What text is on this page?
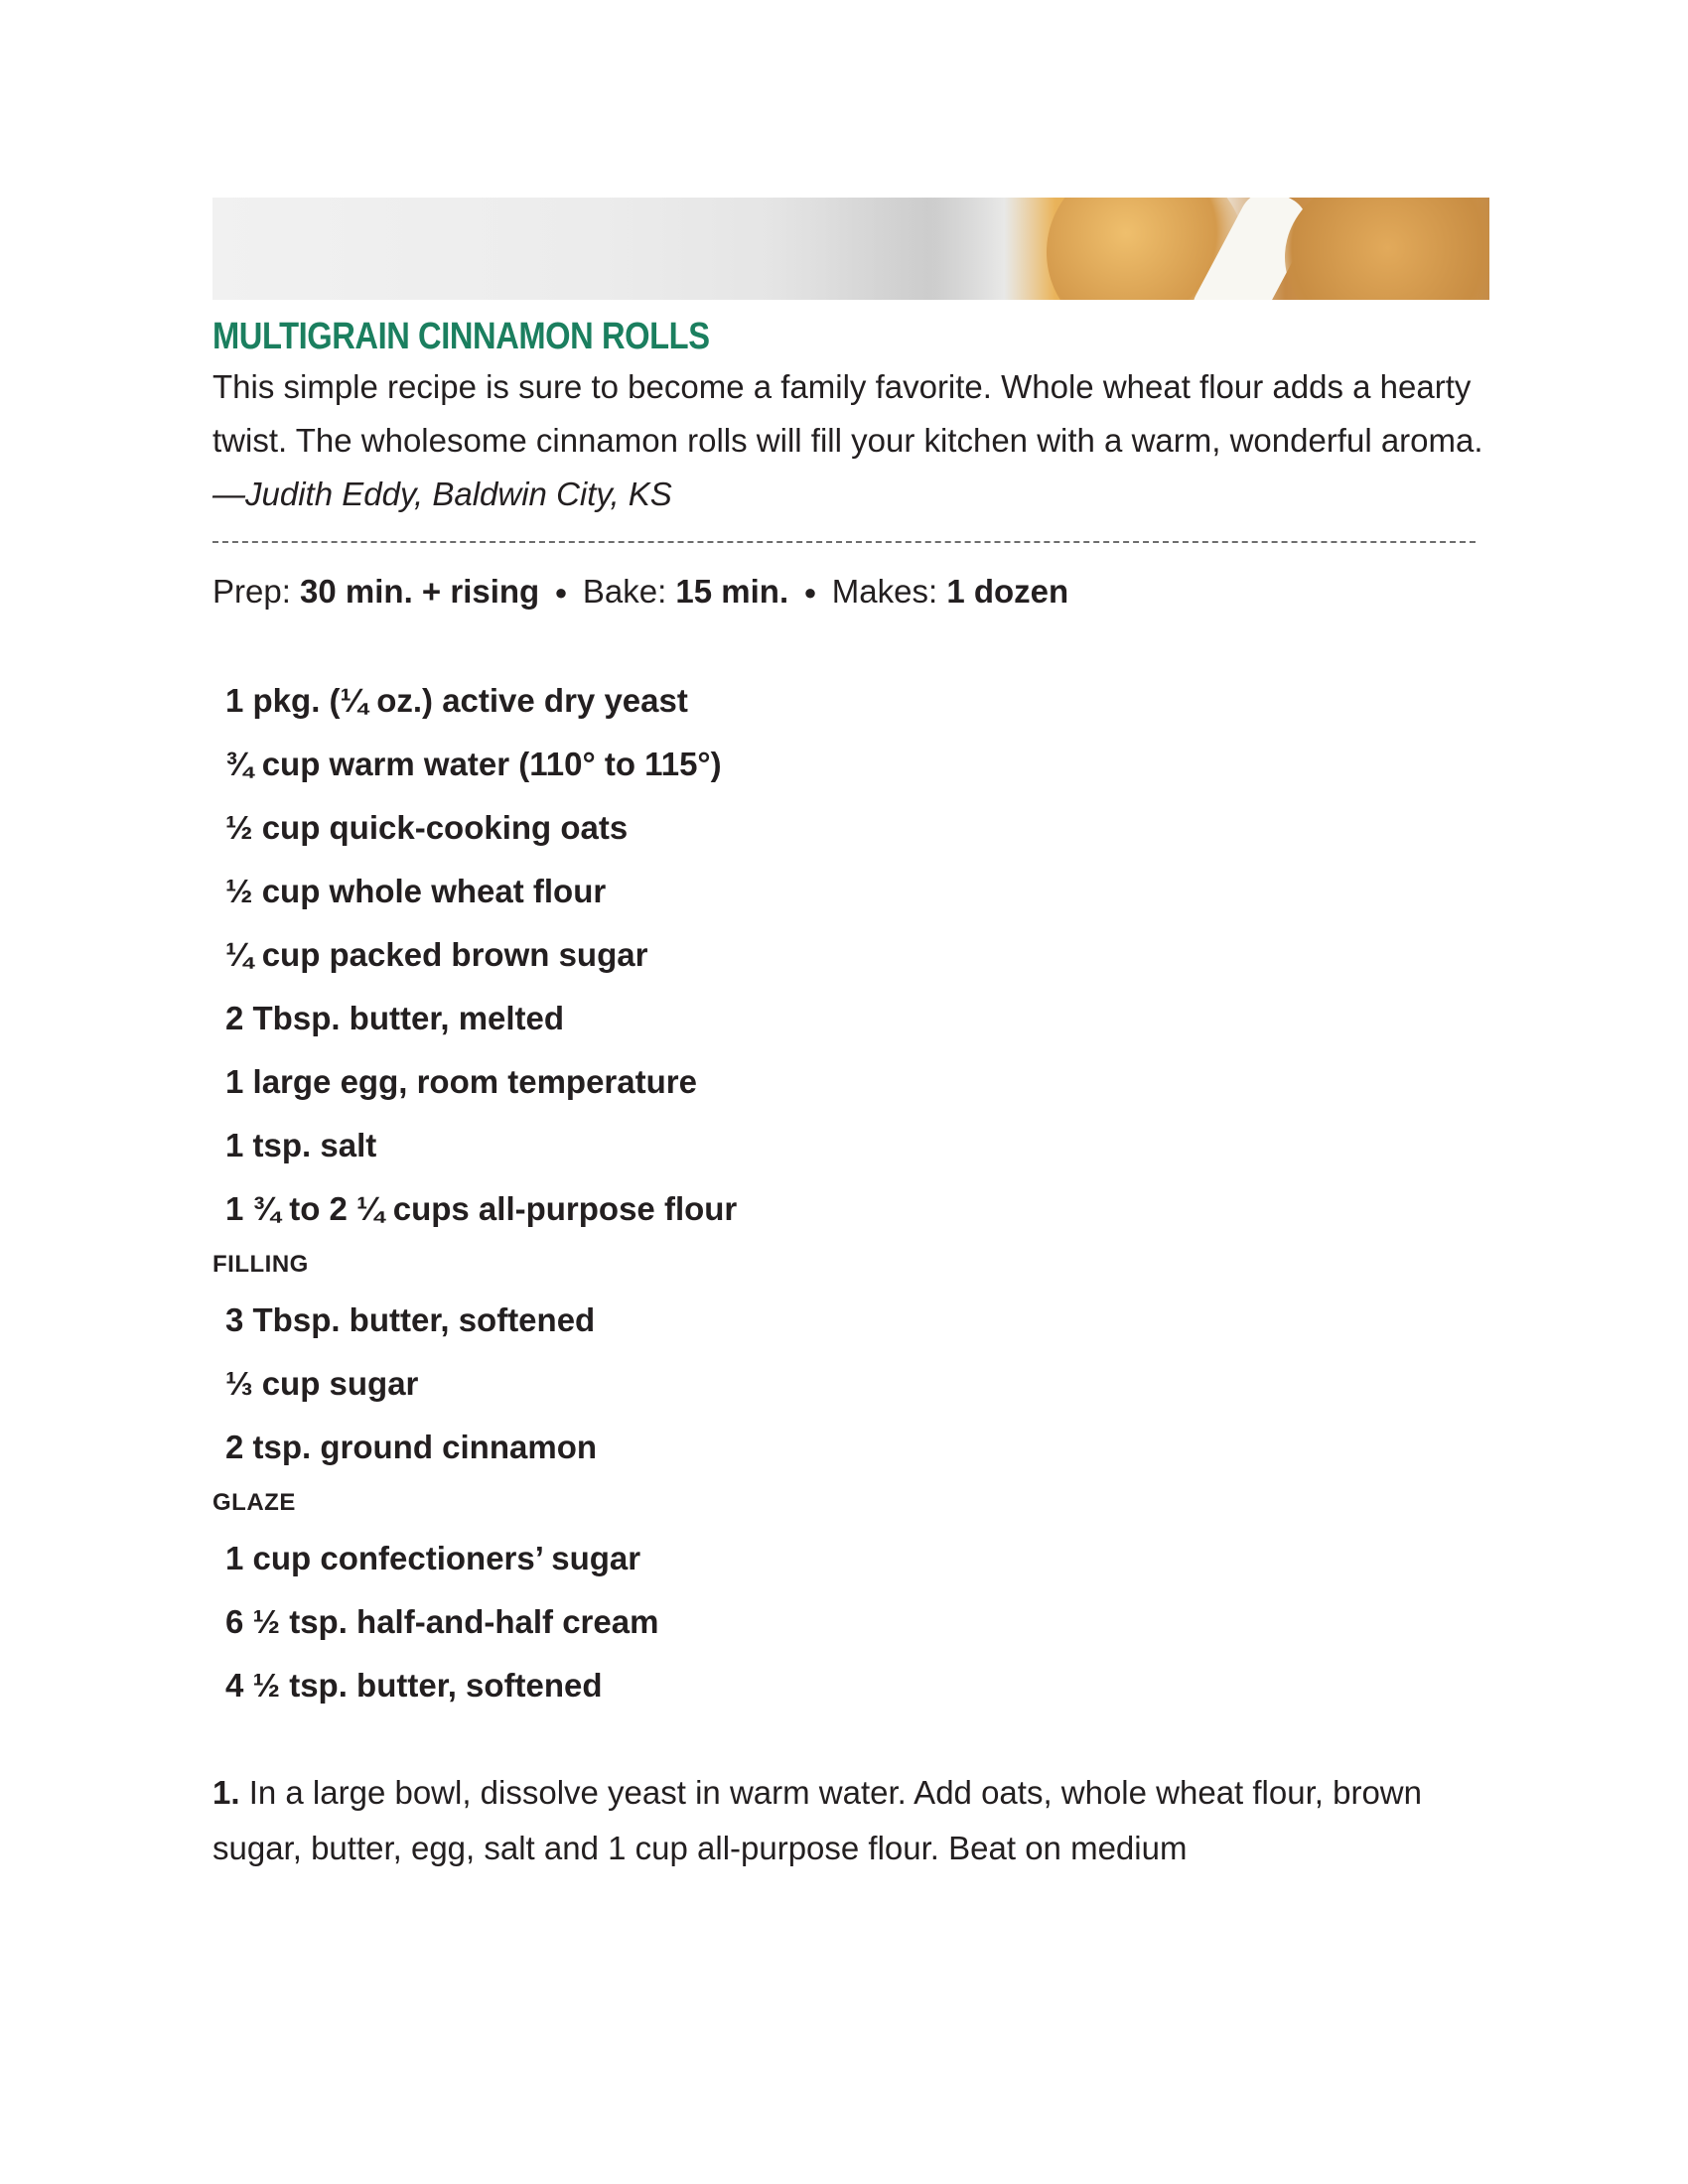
MULTIGRAIN CINNAMON ROLLS

This simple recipe is sure to become a family favorite. Whole wheat flour adds a hearty twist. The wholesome cinnamon rolls will fill your kitchen with a warm, wonderful aroma.

—Judith Eddy, Baldwin City, KS

Prep: 30 min. + rising ● Bake: 15 min. ● Makes: 1 dozen
1 pkg. (¼ oz.) active dry yeast
¾ cup warm water (110° to 115°)
½ cup quick-cooking oats
½ cup whole wheat flour
¼ cup packed brown sugar
2 Tbsp. butter, melted
1 large egg, room temperature
1 tsp. salt
1 ¾ to 2 ¼ cups all-purpose flour
FILLING
3 Tbsp. butter, softened
⅓ cup sugar
2 tsp. ground cinnamon
GLAZE
1 cup confectioners’ sugar
6 ½ tsp. half-and-half cream
4 ½ tsp. butter, softened

1. In a large bowl, dissolve yeast in warm water. Add oats, whole wheat flour, brown sugar, butter, egg, salt and 1 cup all-purpose flour. Beat on medium
